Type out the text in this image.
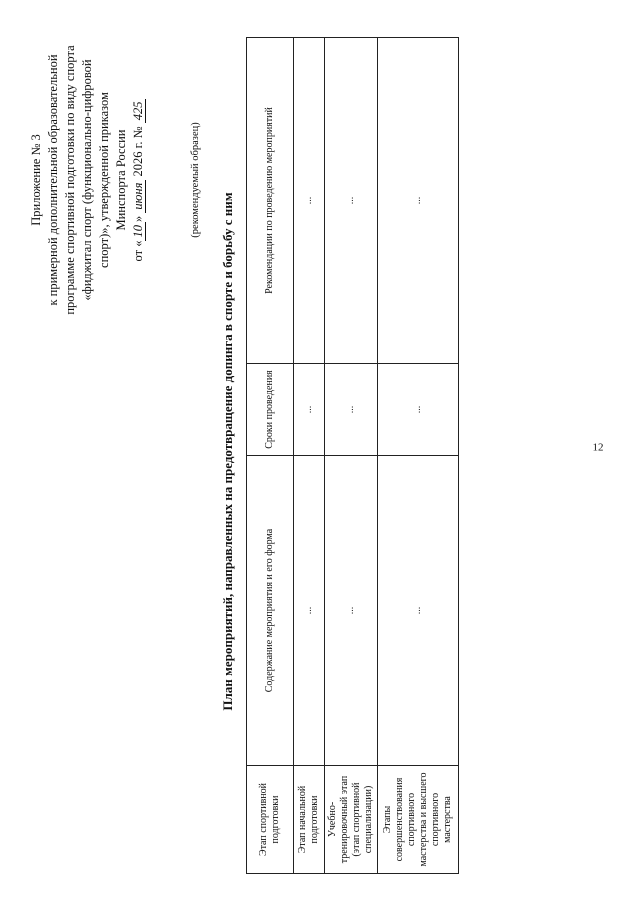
12
Приложение № 3 к примерной дополнительной образовательной программе спортивной подготовки по виду спорта «фиджитал спорт (функционально-цифровой спорт)», утвержденной приказом Минспорта России
от «10» июня 2026 г. № 425
(рекомендуемый образец)
План мероприятий, направленных на предотвращение допинга в спорте и борьбу с ним
Этап спортивной подготовки	Содержание мероприятия и его форма	Сроки проведения	Рекомендации по проведению мероприятий
Этап начальной подготовки	...	...	...
Учебно-тренировочный этап (этап спортивной специализации)	...	...	...
Этапы совершенствования спортивного мастерства и высшего спортивного мастерства	...	...	...
